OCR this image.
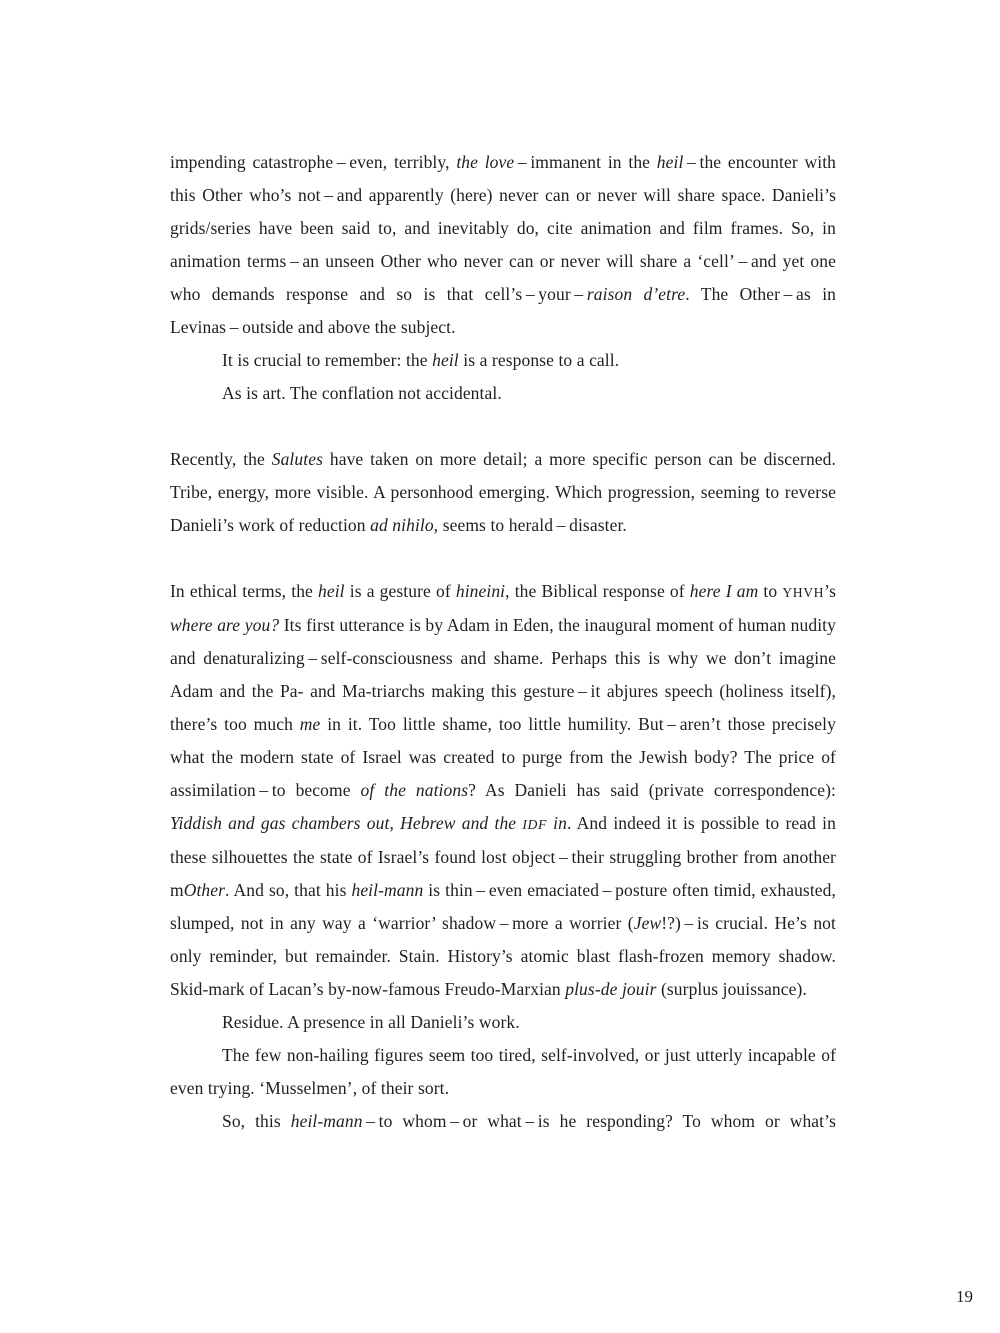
impending catastrophe – even, terribly, the love – immanent in the heil – the encounter with this Other who’s not – and apparently (here) never can or never will share space. Danieli’s grids/series have been said to, and inevitably do, cite animation and film frames. So, in animation terms – an unseen Other who never can or never will share a ‘cell’ – and yet one who demands response and so is that cell’s – your – raison d’etre. The Other – as in Levinas – outside and above the subject.

It is crucial to remember: the heil is a response to a call.

As is art. The conflation not accidental.

Recently, the Salutes have taken on more detail; a more specific person can be discerned. Tribe, energy, more visible. A personhood emerging. Which progression, seeming to reverse Danieli’s work of reduction ad nihilo, seems to herald – disaster.

In ethical terms, the heil is a gesture of hineini, the Biblical response of here I am to YHVH’s where are you? Its first utterance is by Adam in Eden, the inaugural moment of human nudity and denaturalizing – self-consciousness and shame. Perhaps this is why we don’t imagine Adam and the Pa- and Ma-triarchs making this gesture – it abjures speech (holiness itself), there’s too much me in it. Too little shame, too little humility. But – aren’t those precisely what the modern state of Israel was created to purge from the Jewish body? The price of assimilation – to become of the nations? As Danieli has said (private correspondence): Yiddish and gas chambers out, Hebrew and the IDF in. And indeed it is possible to read in these silhouettes the state of Israel’s found lost object – their struggling brother from another mOther. And so, that his heil-mann is thin – even emaciated – posture often timid, exhausted, slumped, not in any way a ‘warrior’ shadow – more a worrier (Jew!?) – is crucial. He’s not only reminder, but remainder. Stain. History’s atomic blast flash-frozen memory shadow. Skid-mark of Lacan’s by-now-famous Freudo-Marxian plus-de jouir (surplus jouissance).

Residue. A presence in all Danieli’s work.

The few non-hailing figures seem too tired, self-involved, or just utterly incapable of even trying. ‘Musselmen’, of their sort.

So, this heil-mann – to whom – or what – is he responding? To whom or what’s

19
